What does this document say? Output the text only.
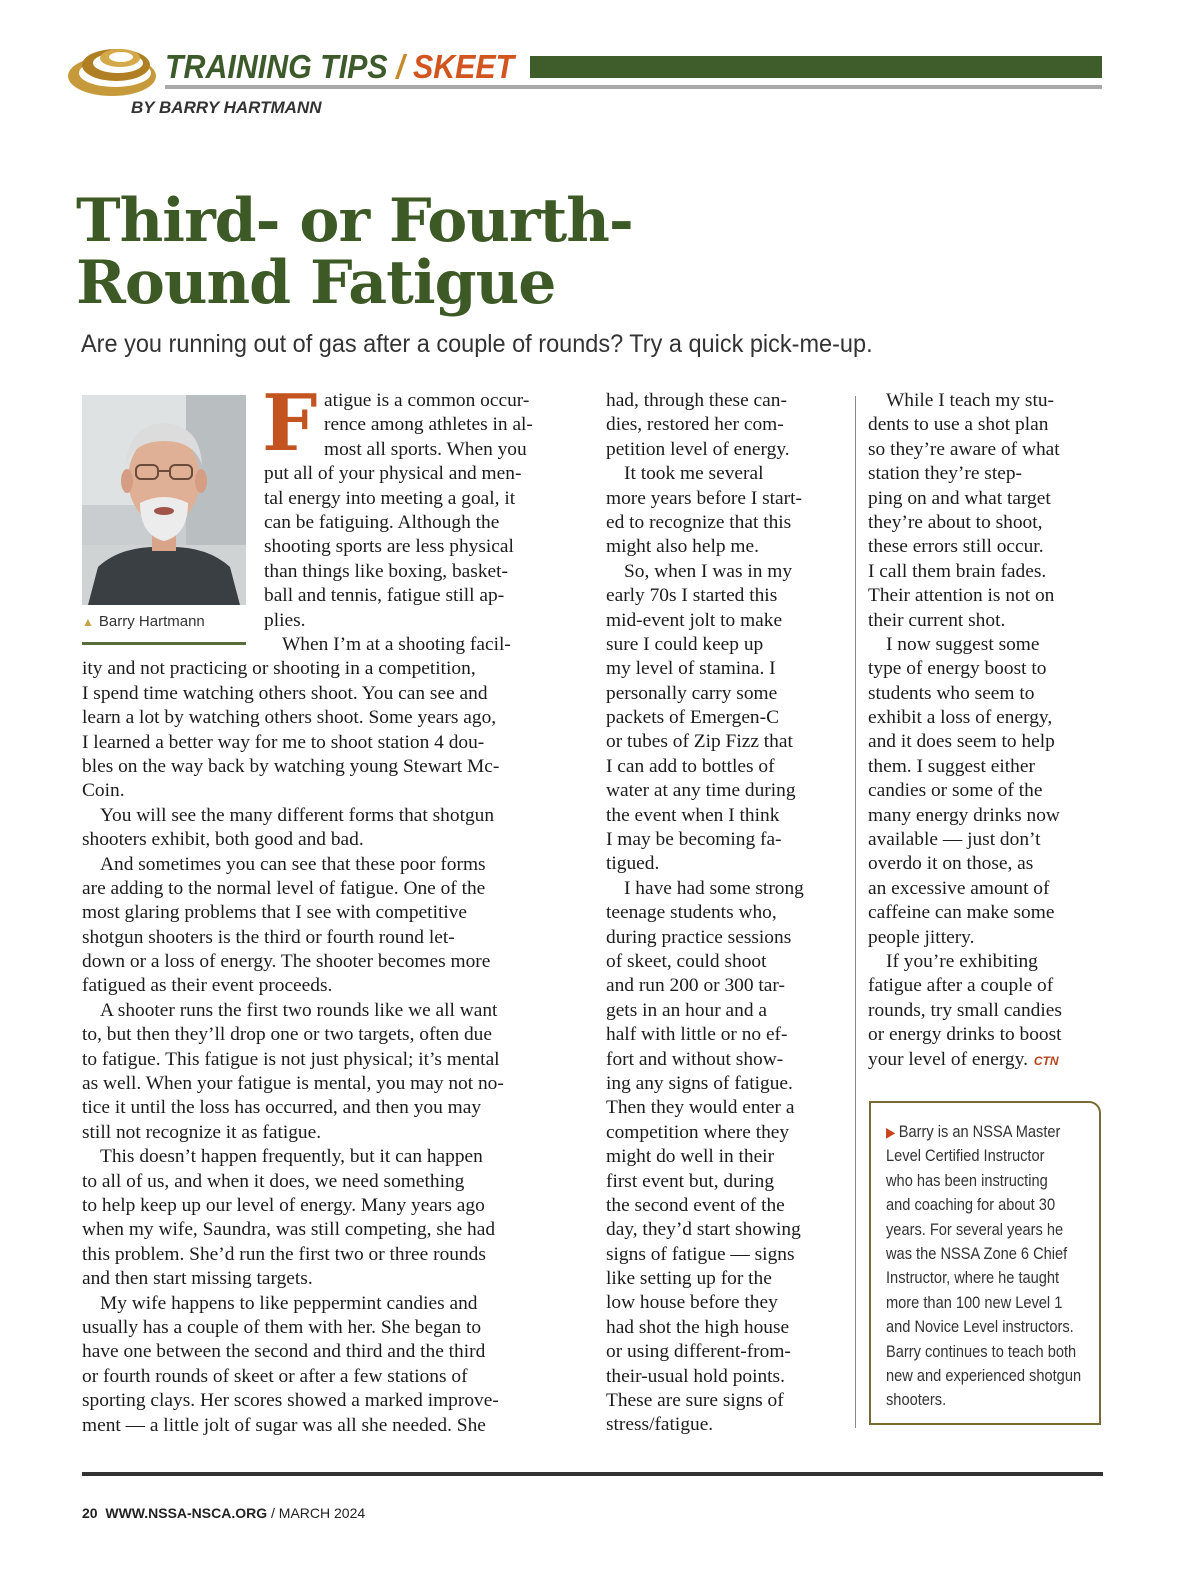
TRAINING TIPS / SKEET
BY BARRY HARTMANN
Third- or Fourth-
Round Fatigue
Are you running out of gas after a couple of rounds? Try a quick pick-me-up.
▲ Barry Hartmann
F atigue is a common occur-
rence among athletes in al-
most all sports. When you
put all of your physical and men-
tal energy into meeting a goal, it
can be fatiguing. Although the
shooting sports are less physical
than things like boxing, basket-
ball and tennis, fatigue still ap-
plies.
When I’m at a shooting facil-
ity and not practicing or shooting in a competition,
I spend time watching others shoot. You can see and
learn a lot by watching others shoot. Some years ago,
I learned a better way for me to shoot station 4 dou-
bles on the way back by watching young Stewart Mc-
Coin.
You will see the many different forms that shotgun
shooters exhibit, both good and bad.
And sometimes you can see that these poor forms
are adding to the normal level of fatigue. One of the
most glaring problems that I see with competitive
shotgun shooters is the third or fourth round let-
down or a loss of energy. The shooter becomes more
fatigued as their event proceeds.
A shooter runs the first two rounds like we all want
to, but then they’ll drop one or two targets, often due
to fatigue. This fatigue is not just physical; it’s mental
as well. When your fatigue is mental, you may not no-
tice it until the loss has occurred, and then you may
still not recognize it as fatigue.
This doesn’t happen frequently, but it can happen
to all of us, and when it does, we need something
to help keep up our level of energy. Many years ago
when my wife, Saundra, was still competing, she had
this problem. She’d run the first two or three rounds
and then start missing targets.
My wife happens to like peppermint candies and
usually has a couple of them with her. She began to
have one between the second and third and the third
or fourth rounds of skeet or after a few stations of
sporting clays. Her scores showed a marked improve-
ment — a little jolt of sugar was all she needed. She
had, through these can-
dies, restored her com-
petition level of energy.
It took me several
more years before I start-
ed to recognize that this
might also help me.
So, when I was in my
early 70s I started this
mid-event jolt to make
sure I could keep up
my level of stamina. I
personally carry some
packets of Emergen-C
or tubes of Zip Fizz that
I can add to bottles of
water at any time during
the event when I think
I may be becoming fa-
tigued.
I have had some strong
teenage students who,
during practice sessions
of skeet, could shoot
and run 200 or 300 tar-
gets in an hour and a
half with little or no ef-
fort and without show-
ing any signs of fatigue.
Then they would enter a
competition where they
might do well in their
first event but, during
the second event of the
day, they’d start showing
signs of fatigue — signs
like setting up for the
low house before they
had shot the high house
or using different-from-
their-usual hold points.
These are sure signs of
stress/fatigue.
While I teach my stu-
dents to use a shot plan
so they’re aware of what
station they’re step-
ping on and what target
they’re about to shoot,
these errors still occur.
I call them brain fades.
Their attention is not on
their current shot.
I now suggest some
type of energy boost to
students who seem to
exhibit a loss of energy,
and it does seem to help
them. I suggest either
candies or some of the
many energy drinks now
available — just don’t
overdo it on those, as
an excessive amount of
caffeine can make some
people jittery.
If you’re exhibiting
fatigue after a couple of
rounds, try small candies
or energy drinks to boost
your level of energy. CTN
▶ Barry is an NSSA Master
Level Certified Instructor
who has been instructing
and coaching for about 30
years. For several years he
was the NSSA Zone 6 Chief
Instructor, where he taught
more than 100 new Level 1
and Novice Level instructors.
Barry continues to teach both
new and experienced shotgun
shooters.
20 WWW.NSSA-NSCA.ORG / MARCH 2024
